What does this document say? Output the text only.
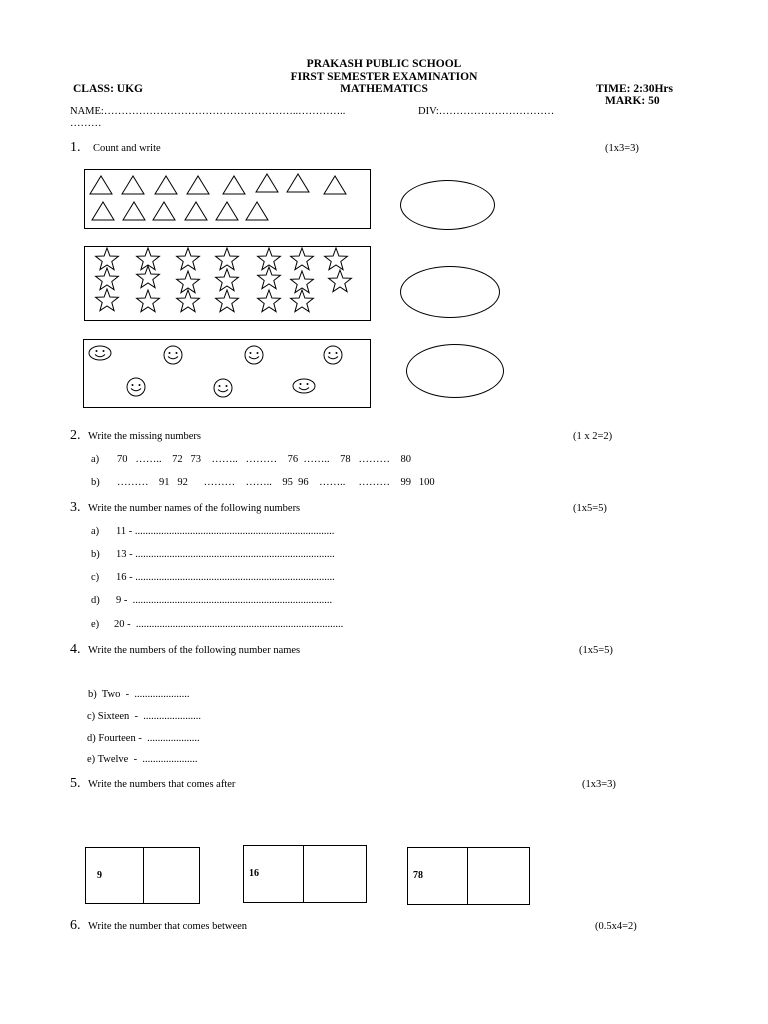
PRAKASH PUBLIC SCHOOL
FIRST SEMESTER EXAMINATION
MATHEMATICS
CLASS: UKG	TIME: 2:30Hrs
MARK: 50
NAME:………………………………………………..…………..	DIV:……………………………
………
1. Count and write	(1x3=3)
2. Write the missing numbers	(1 x 2=2)
a) 70   ……..    72   73    ……..   ………    76  ……..    78   ………    80
b) ………    91   92      ………    ……..    95  96    ……..     ………    99   100
3. Write the number names of the following numbers	(1x5=5)
a) 11 - ............................................................................
b) 13 - ............................................................................
c) 16 - ............................................................................
d) 9 -  ............................................................................
e) 20 -  ...............................................................................
4. Write the numbers of the following number names	(1x5=5)
b)  Two  -  .....................
c) Sixteen  -  ......................
d) Fourteen -  ....................
e) Twelve  -  .....................
5. Write the numbers that comes after	(1x3=3)
9	16	78
6. Write the number that comes between	(0.5x4=2)
